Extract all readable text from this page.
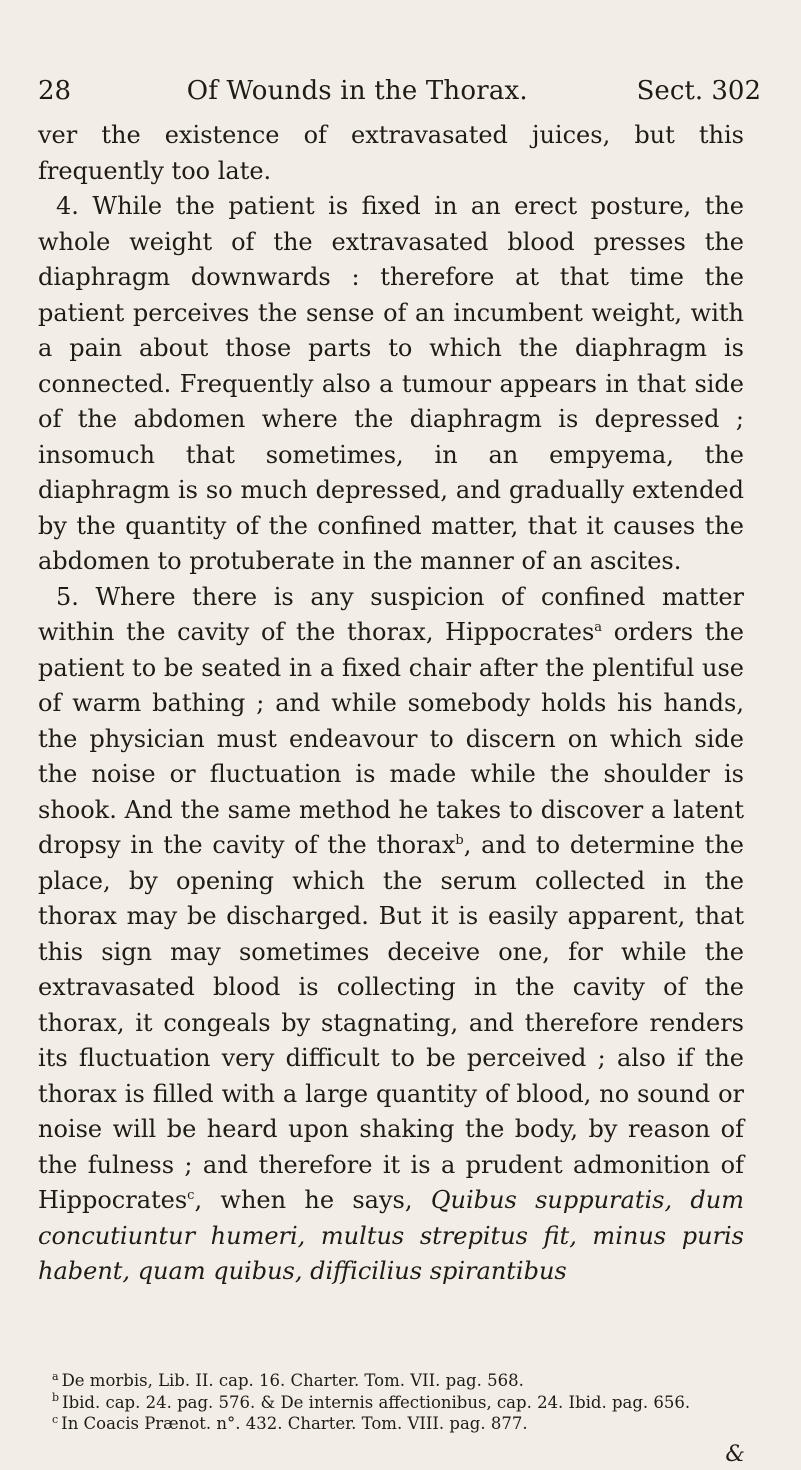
28	Of Wounds in the Thorax.	Sect. 302

ver the existence of extravasated juices, but this frequently too late.

4. While the patient is fixed in an erect posture, the whole weight of the extravasated blood presses the diaphragm downwards : therefore at that time the patient perceives the sense of an incumbent weight, with a pain about those parts to which the diaphragm is connected. Frequently also a tumour appears in that side of the abdomen where the diaphragm is depressed ; insomuch that sometimes, in an empyema, the diaphragm is so much depressed, and gradually extended by the quantity of the confined matter, that it causes the abdomen to protuberate in the manner of an ascites.

5. Where there is any suspicion of confined matter within the cavity of the thorax, Hippocrates$^a$ orders the patient to be seated in a fixed chair after the plentiful use of warm bathing ; and while somebody holds his hands, the physician must endeavour to discern on which side the noise or fluctuation is made while the shoulder is shook. And the same method he takes to discover a latent dropsy in the cavity of the thorax$^b$, and to determine the place, by opening which the serum collected in the thorax may be discharged. But it is easily apparent, that this sign may sometimes deceive one, for while the extravasated blood is collecting in the cavity of the thorax, it congeals by stagnating, and therefore renders its fluctuation very difficult to be perceived ; also if the thorax is filled with a large quantity of blood, no sound or noise will be heard upon shaking the body, by reason of the fulness ; and therefore it is a prudent admonition of Hippocrates$^c$, when he says, Quibus suppuratis, dum concutiuntur humeri, multus strepitus fit, minus puris habent, quam quibus, difficilius spirantibus

$^a$ De morbis, Lib. II. cap. 16. Charter. Tom. VII. pag. 568.

$^b$ Ibid. cap. 24. pag. 576. & De internis affectionibus, cap. 24. Ibid. pag. 656.

$^c$ In Coacis Prænot. n°. 432. Charter. Tom. VIII. pag. 877.

&
